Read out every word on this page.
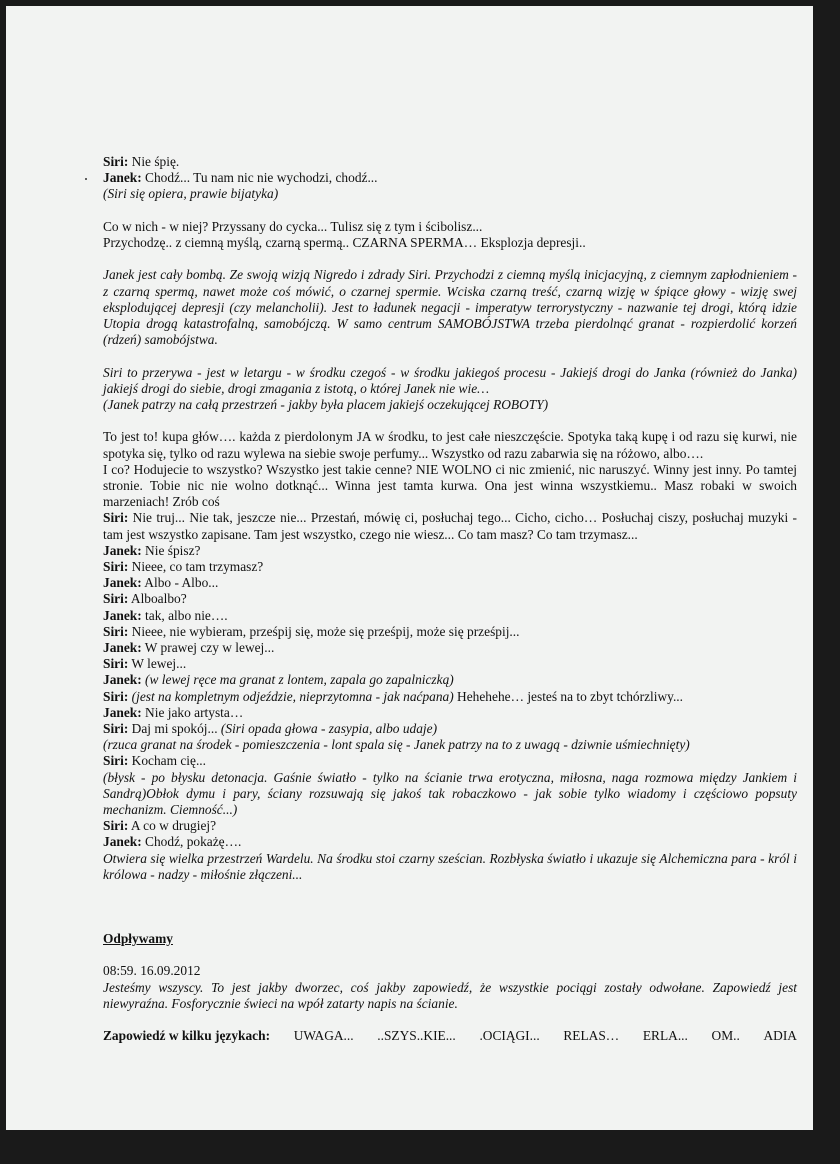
Siri: Nie śpię.

Janek: Chodź... Tu nam nic nie wychodzi, chodź...

(Siri się opiera, prawie bijatyka)

Co w nich - w niej? Przyssany do cycka... Tulisz się z tym i ścibolisz...

Przychodzę.. z ciemną myślą, czarną spermą.. CZARNA SPERMA… Eksplozja depresji..

Janek jest cały bombą. Ze swoją wizją Nigredo i zdrady Siri. Przychodzi z ciemną myślą inicjacyjną, z ciemnym zapłodnieniem - z czarną spermą, nawet może coś mówić, o czarnej spermie. Wciska czarną treść, czarną wizję w śpiące głowy - wizję swej eksplodującej depresji (czy melancholii). Jest to ładunek negacji - imperatyw terrorystyczny - nazwanie tej drogi, którą idzie Utopia drogą katastrofalną, samobójczą. W samo centrum SAMOBÓJSTWA trzeba pierdolnąć granat - rozpierdolić korzeń (rdzeń) samobójstwa.

Siri to przerywa - jest w letargu - w środku czegoś - w środku jakiegoś procesu - Jakiejś drogi do Janka (również do Janka) jakiejś drogi do siebie, drogi zmagania z istotą, o której Janek nie wie…

(Janek patrzy na całą przestrzeń - jakby była placem jakiejś oczekującej ROBOTY)

To jest to! kupa głów…. każda z pierdolonym JA w środku, to jest całe nieszczęście. Spotyka taką kupę i od razu się kurwi, nie spotyka się, tylko od razu wylewa na siebie swoje perfumy... Wszystko od razu zabarwia się na różowo, albo….

I co? Hodujecie to wszystko? Wszystko jest takie cenne? NIE WOLNO ci nic zmienić, nic naruszyć. Winny jest inny. Po tamtej stronie. Tobie nic nie wolno dotknąć... Winna jest tamta kurwa. Ona jest winna wszystkiemu.. Masz robaki w swoich marzeniach! Zrób coś

Siri: Nie truj... Nie tak, jeszcze nie... Przestań, mówię ci, posłuchaj tego... Cicho, cicho… Posłuchaj ciszy, posłuchaj muzyki - tam jest wszystko zapisane. Tam jest wszystko, czego nie wiesz... Co tam masz? Co tam trzymasz...

Janek: Nie śpisz?

Siri: Nieee, co tam trzymasz?

Janek: Albo - Albo...

Siri: Alboalbo?

Janek: tak, albo nie….

Siri: Nieee, nie wybieram, prześpij się, może się prześpij, może się prześpij...

Janek: W prawej czy w lewej...

Siri: W lewej...

Janek: (w lewej ręce ma granat z lontem, zapala go zapalniczką)

Siri: (jest na kompletnym odjeździe, nieprzytomna - jak naćpana) Hehehehe… jesteś na to zbyt tchórzliwy...

Janek: Nie jako artysta…

Siri: Daj mi spokój... (Siri opada głowa - zasypia, albo udaje)

(rzuca granat na środek - pomieszczenia - lont spala się - Janek patrzy na to z uwagą - dziwnie uśmiechnięty)

Siri: Kocham cię...

(błysk - po błysku detonacja. Gaśnie światło - tylko na ścianie trwa erotyczna, miłosna, naga rozmowa między Jankiem i Sandrą)Obłok dymu i pary, ściany rozsuwają się jakoś tak robaczkowo - jak sobie tylko wiadomy i częściowo popsuty mechanizm. Ciemność...)

Siri: A co w drugiej?

Janek: Chodź, pokażę….

Otwiera się wielka przestrzeń Wardelu. Na środku stoi czarny sześcian. Rozbłyska światło i ukazuje się Alchemiczna para - król i królowa - nadzy - miłośnie złączeni...

Odpływamy

08:59. 16.09.2012

Jesteśmy wszyscy. To jest jakby dworzec, coś jakby zapowiedź, że wszystkie pociągi zostały odwołane. Zapowiedź jest niewyraźna. Fosforycznie świeci na wpół zatarty napis na ścianie.

Zapowiedź w kilku językach: UWAGA... ..SZYS..KIE... .OCIĄGI... RELAS… ERLA... OM.. ADIA
